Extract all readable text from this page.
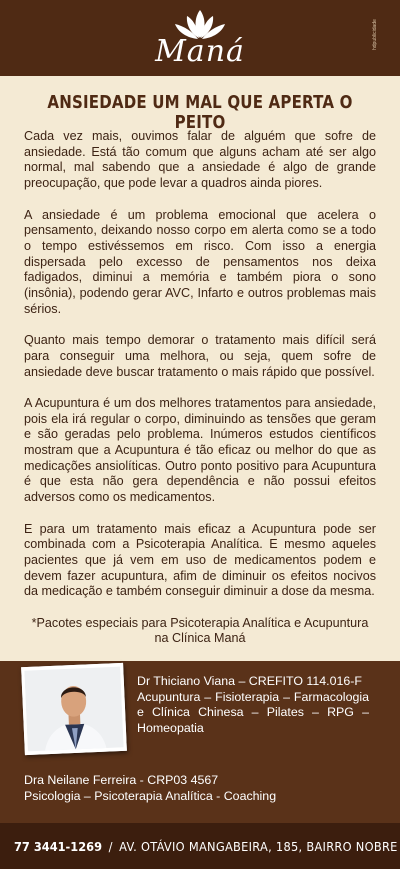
Maná	hdpublicidade
ANSIEDADE UM MAL QUE APERTA O PEITO

Cada vez mais, ouvimos falar de alguém que sofre de ansiedade. Está tão comum que alguns acham até ser algo normal, mal sabendo que a ansiedade é algo de grande preocupação, que pode levar a quadros ainda piores.

A ansiedade é um problema emocional que acelera o pensamento, deixando nosso corpo em alerta como se a todo o tempo estivéssemos em risco. Com isso a energia dispersada pelo excesso de pensamentos nos deixa fadigados, diminui a memória e também piora o sono (insônia), podendo gerar AVC, Infarto e outros problemas mais sérios.

Quanto mais tempo demorar o tratamento mais difícil será para conseguir uma melhora, ou seja, quem sofre de ansiedade deve buscar tratamento o mais rápido que possível.

A Acupuntura é um dos melhores tratamentos para ansiedade, pois ela irá regular o corpo, diminuindo as tensões que geram e são geradas pelo problema. Inúmeros estudos científicos mostram que a Acupuntura é tão eficaz ou melhor do que as medicações ansiolíticas. Outro ponto positivo para Acupuntura é que esta não gera dependência e não possui efeitos adversos como os medicamentos.

E para um tratamento mais eficaz a Acupuntura pode ser combinada com a Psicoterapia Analítica. E mesmo aqueles pacientes que já vem em uso de medicamentos podem e devem fazer acupuntura, afim de diminuir os efeitos nocivos da medicação e também conseguir diminuir a dose da mesma.

*Pacotes especiais para Psicoterapia Analítica e Acupuntura na Clínica Maná

Dr Thiciano Viana – CREFITO 114.016-F
Acupuntura – Fisioterapia – Farmacologia e Clínica Chinesa – Pilates – RPG – Homeopatia
Dra Neilane Ferreira - CRP03 4567
Psicologia – Psicoterapia Analítica - Coaching
77 3441-1269 / AV. OTÁVIO MANGABEIRA, 185, BAIRRO NOBRE
